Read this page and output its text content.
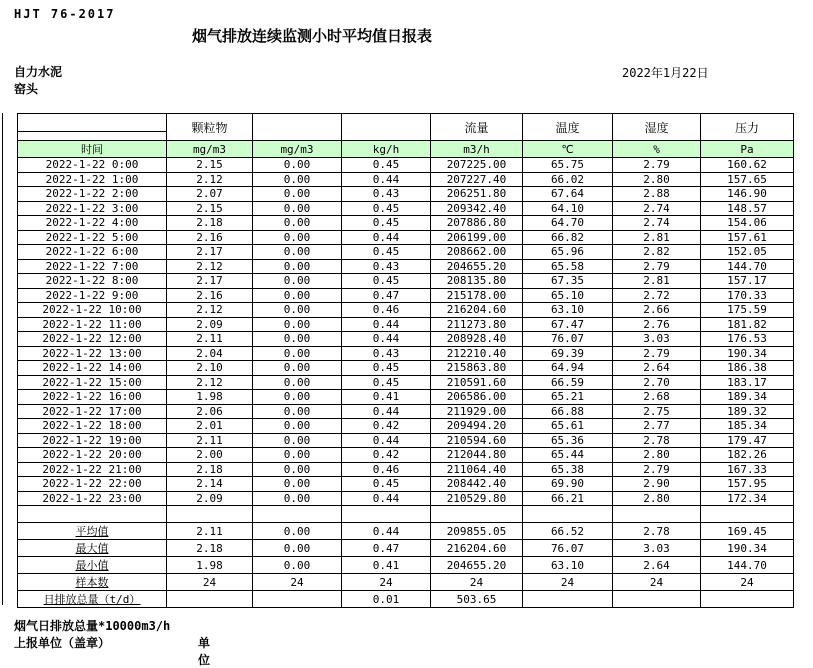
HJT 76-2017
烟气排放连续监测小时平均值日报表
自力水泥
窑头
2022年1月22日
	颗粒物			流量	温度	湿度	压力
时间	mg/m3	mg/m3	kg/h	m3/h	℃	%	Pa
2022-1-22 0:00	2.15	0.00	0.45	207225.00	65.75	2.79	160.62
2022-1-22 1:00	2.12	0.00	0.44	207227.40	66.02	2.80	157.65
2022-1-22 2:00	2.07	0.00	0.43	206251.80	67.64	2.88	146.90
2022-1-22 3:00	2.15	0.00	0.45	209342.40	64.10	2.74	148.57
2022-1-22 4:00	2.18	0.00	0.45	207886.80	64.70	2.74	154.06
2022-1-22 5:00	2.16	0.00	0.44	206199.00	66.82	2.81	157.61
2022-1-22 6:00	2.17	0.00	0.45	208662.00	65.96	2.82	152.05
2022-1-22 7:00	2.12	0.00	0.43	204655.20	65.58	2.79	144.70
2022-1-22 8:00	2.17	0.00	0.45	208135.80	67.35	2.81	157.17
2022-1-22 9:00	2.16	0.00	0.47	215178.00	65.10	2.72	170.33
2022-1-22 10:00	2.12	0.00	0.46	216204.60	63.10	2.66	175.59
2022-1-22 11:00	2.09	0.00	0.44	211273.80	67.47	2.76	181.82
2022-1-22 12:00	2.11	0.00	0.44	208928.40	76.07	3.03	176.53
2022-1-22 13:00	2.04	0.00	0.43	212210.40	69.39	2.79	190.34
2022-1-22 14:00	2.10	0.00	0.45	215863.80	64.94	2.64	186.38
2022-1-22 15:00	2.12	0.00	0.45	210591.60	66.59	2.70	183.17
2022-1-22 16:00	1.98	0.00	0.41	206586.00	65.21	2.68	189.34
2022-1-22 17:00	2.06	0.00	0.44	211929.00	66.88	2.75	189.32
2022-1-22 18:00	2.01	0.00	0.42	209494.20	65.61	2.77	185.34
2022-1-22 19:00	2.11	0.00	0.44	210594.60	65.36	2.78	179.47
2022-1-22 20:00	2.00	0.00	0.42	212044.80	65.44	2.80	182.26
2022-1-22 21:00	2.18	0.00	0.46	211064.40	65.38	2.79	167.33
2022-1-22 22:00	2.14	0.00	0.45	208442.40	69.90	2.90	157.95
2022-1-22 23:00	2.09	0.00	0.44	210529.80	66.21	2.80	172.34

平均值	2.11	0.00	0.44	209855.05	66.52	2.78	169.45
最大值	2.18	0.00	0.47	216204.60	76.07	3.03	190.34
最小值	1.98	0.00	0.41	204655.20	63.10	2.64	144.70
样本数	24	24	24	24	24	24	24
日排放总量（t/d）			0.01	503.65			
烟气日排放总量*10000m3/h
上报单位（盖章）	单位
